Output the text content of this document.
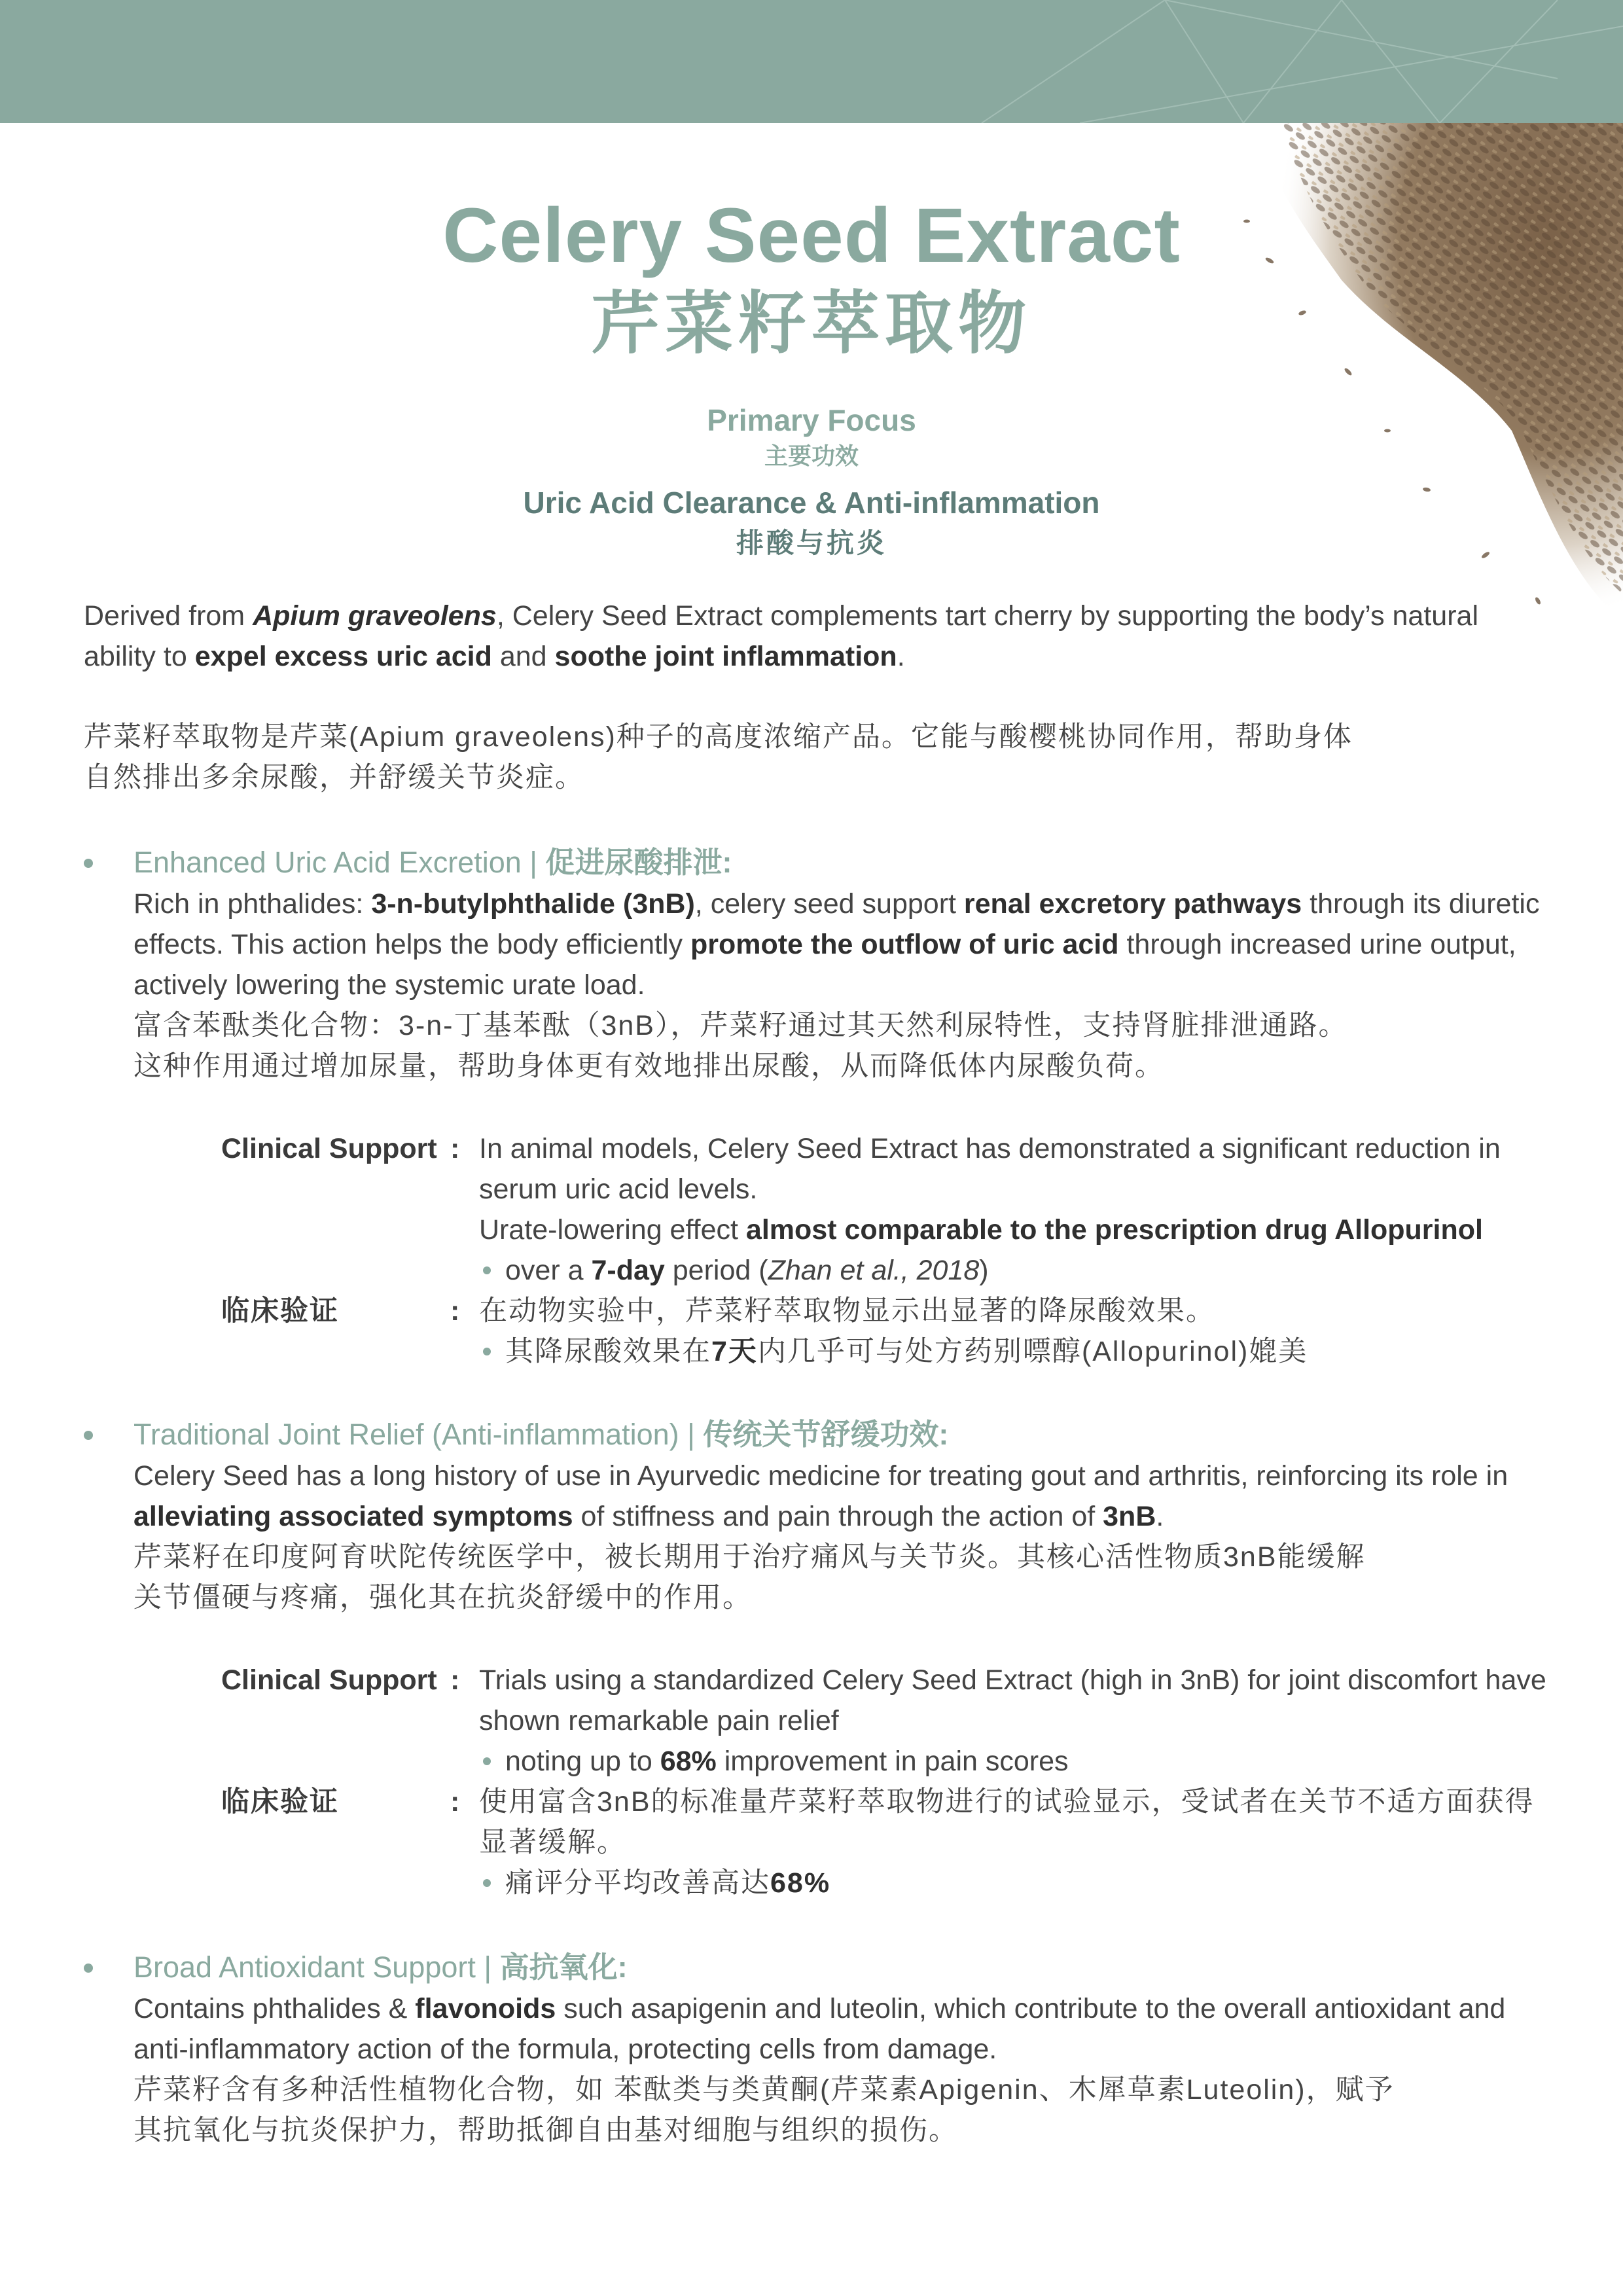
Celery Seed Extract
芹菜籽萃取物
Primary Focus
主要功效
Uric Acid Clearance & Anti-inflammation
排酸与抗炎
Derived from Apium graveolens, Celery Seed Extract complements tart cherry by supporting the body’s natural ability to expel excess uric acid and soothe joint inflammation.
芹菜籽萃取物是芹菜(Apium graveolens)种子的高度浓缩产品。它能与酸樱桃协同作用，帮助身体
自然排出多余尿酸，并舒缓关节炎症。
Enhanced Uric Acid Excretion | 促进尿酸排泄:
Rich in phthalides: 3-n-butylphthalide (3nB), celery seed support renal excretory pathways through its diuretic effects. This action helps the body efficiently promote the outflow of uric acid through increased urine output, actively lowering the systemic urate load.
富含苯酞类化合物：3-n-丁基苯酞（3nB），芹菜籽通过其天然利尿特性，支持肾脏排泄通路。
这种作用通过增加尿量，帮助身体更有效地排出尿酸，从而降低体内尿酸负荷。
Clinical Support : In animal models, Celery Seed Extract has demonstrated a significant reduction in serum uric acid levels.
Urate-lowering effect almost comparable to the prescription drug Allopurinol
over a 7-day period (Zhan et al., 2018)
临床验证	: 在动物实验中，芹菜籽萃取物显示出显著的降尿酸效果。
其降尿酸效果在7天内几乎可与处方药别嘌醇(Allopurinol)媲美
Traditional Joint Relief (Anti-inflammation) | 传统关节舒缓功效:
Celery Seed has a long history of use in Ayurvedic medicine for treating gout and arthritis, reinforcing its role in alleviating associated symptoms of stiffness and pain through the action of 3nB.
芹菜籽在印度阿育吠陀传统医学中，被长期用于治疗痛风与关节炎。其核心活性物质3nB能缓解
关节僵硬与疼痛，强化其在抗炎舒缓中的作用。
Clinical Support : Trials using a standardized Celery Seed Extract (high in 3nB) for joint discomfort have shown remarkable pain relief
noting up to 68% improvement in pain scores
临床验证	: 使用富含3nB的标准量芹菜籽萃取物进行的试验显示，受试者在关节不适方面获得显著缓解。
痛评分平均改善高达68%
Broad Antioxidant Support | 高抗氧化:
Contains phthalides & flavonoids such asapigenin and luteolin, which contribute to the overall antioxidant and anti-inflammatory action of the formula, protecting cells from damage.
芹菜籽含有多种活性植物化合物，如 苯酞类与类黄酮(芹菜素Apigenin、木犀草素Luteolin)，赋予
其抗氧化与抗炎保护力，帮助抵御自由基对细胞与组织的损伤。
